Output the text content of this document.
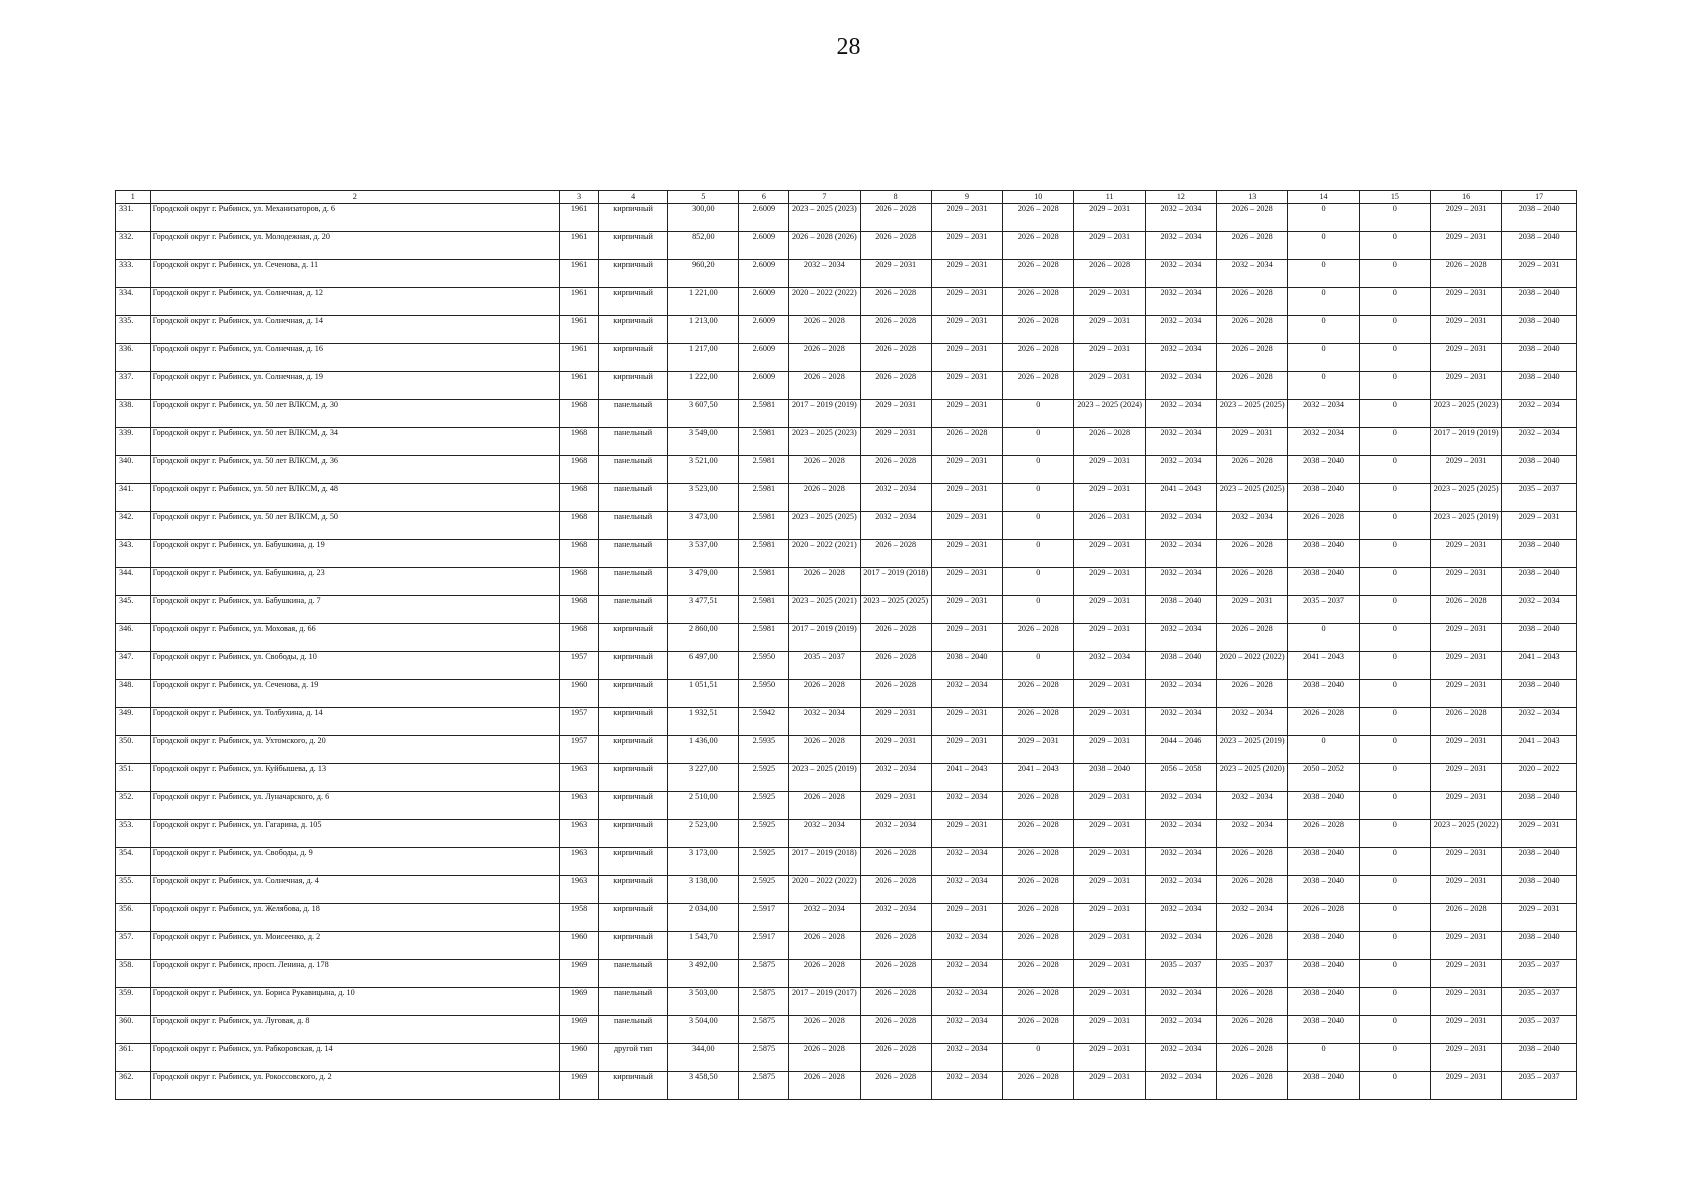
28
1	2	3	4	5	6	7	8	9	10	11	12	13	14	15	16	17
331.	Городской округ г. Рыбинск, ул. Механизаторов, д. 6	1961	кирпичный	300,00	2.6009	2023 – 2025 (2023)	2026 – 2028	2029 – 2031	2026 – 2028	2029 – 2031	2032 – 2034	2026 – 2028	0	0	2029 – 2031	2038 – 2040
332.	Городской округ г. Рыбинск, ул. Молодежная, д. 20	1961	кирпичный	852,00	2.6009	2026 – 2028 (2026)	2026 – 2028	2029 – 2031	2026 – 2028	2029 – 2031	2032 – 2034	2026 – 2028	0	0	2029 – 2031	2038 – 2040
333.	Городской округ г. Рыбинск, ул. Сеченова, д. 11	1961	кирпичный	960,20	2.6009	2032 – 2034	2029 – 2031	2029 – 2031	2026 – 2028	2026 – 2028	2032 – 2034	2032 – 2034	0	0	2026 – 2028	2029 – 2031
334.	Городской округ г. Рыбинск, ул. Солнечная, д. 12	1961	кирпичный	1 221,00	2.6009	2020 – 2022 (2022)	2026 – 2028	2029 – 2031	2026 – 2028	2029 – 2031	2032 – 2034	2026 – 2028	0	0	2029 – 2031	2038 – 2040
335.	Городской округ г. Рыбинск, ул. Солнечная, д. 14	1961	кирпичный	1 213,00	2.6009	2026 – 2028	2026 – 2028	2029 – 2031	2026 – 2028	2029 – 2031	2032 – 2034	2026 – 2028	0	0	2029 – 2031	2038 – 2040
336.	Городской округ г. Рыбинск, ул. Солнечная, д. 16	1961	кирпичный	1 217,00	2.6009	2026 – 2028	2026 – 2028	2029 – 2031	2026 – 2028	2029 – 2031	2032 – 2034	2026 – 2028	0	0	2029 – 2031	2038 – 2040
337.	Городской округ г. Рыбинск, ул. Солнечная, д. 19	1961	кирпичный	1 222,00	2.6009	2026 – 2028	2026 – 2028	2029 – 2031	2026 – 2028	2029 – 2031	2032 – 2034	2026 – 2028	0	0	2029 – 2031	2038 – 2040
338.	Городской округ г. Рыбинск, ул. 50 лет ВЛКСМ, д. 30	1968	панельный	3 607,50	2.5981	2017 – 2019 (2019)	2029 – 2031	2029 – 2031	0	2023 – 2025 (2024)	2032 – 2034	2023 – 2025 (2025)	2032 – 2034	0	2023 – 2025 (2023)	2032 – 2034
339.	Городской округ г. Рыбинск, ул. 50 лет ВЛКСМ, д. 34	1968	панельный	3 549,00	2.5981	2023 – 2025 (2023)	2029 – 2031	2026 – 2028	0	2026 – 2028	2032 – 2034	2029 – 2031	2032 – 2034	0	2017 – 2019 (2019)	2032 – 2034
340.	Городской округ г. Рыбинск, ул. 50 лет ВЛКСМ, д. 36	1968	панельный	3 521,00	2.5981	2026 – 2028	2026 – 2028	2029 – 2031	0	2029 – 2031	2032 – 2034	2026 – 2028	2038 – 2040	0	2029 – 2031	2038 – 2040
341.	Городской округ г. Рыбинск, ул. 50 лет ВЛКСМ, д. 48	1968	панельный	3 523,00	2.5981	2026 – 2028	2032 – 2034	2029 – 2031	0	2029 – 2031	2041 – 2043	2023 – 2025 (2025)	2038 – 2040	0	2023 – 2025 (2025)	2035 – 2037
342.	Городской округ г. Рыбинск, ул. 50 лет ВЛКСМ, д. 50	1968	панельный	3 473,00	2.5981	2023 – 2025 (2025)	2032 – 2034	2029 – 2031	0	2026 – 2031	2032 – 2034	2032 – 2034	2026 – 2028	0	2023 – 2025 (2019)	2029 – 2031
343.	Городской округ г. Рыбинск, ул. Бабушкина, д. 19	1968	панельный	3 537,00	2.5981	2020 – 2022 (2021)	2026 – 2028	2029 – 2031	0	2029 – 2031	2032 – 2034	2026 – 2028	2038 – 2040	0	2029 – 2031	2038 – 2040
344.	Городской округ г. Рыбинск, ул. Бабушкина, д. 23	1968	панельный	3 479,00	2.5981	2026 – 2028	2017 – 2019 (2018)	2029 – 2031	0	2029 – 2031	2032 – 2034	2026 – 2028	2038 – 2040	0	2029 – 2031	2038 – 2040
345.	Городской округ г. Рыбинск, ул. Бабушкина, д. 7	1968	панельный	3 477,51	2.5981	2023 – 2025 (2021)	2023 – 2025 (2025)	2029 – 2031	0	2029 – 2031	2038 – 2040	2029 – 2031	2035 – 2037	0	2026 – 2028	2032 – 2034
346.	Городской округ г. Рыбинск, ул. Моховая, д. 66	1968	кирпичный	2 860,00	2.5981	2017 – 2019 (2019)	2026 – 2028	2029 – 2031	2026 – 2028	2029 – 2031	2032 – 2034	2026 – 2028	0	0	2029 – 2031	2038 – 2040
347.	Городской округ г. Рыбинск, ул. Свободы, д. 10	1957	кирпичный	6 497,00	2.5950	2035 – 2037	2026 – 2028	2038 – 2040	0	2032 – 2034	2038 – 2040	2020 – 2022 (2022)	2041 – 2043	0	2029 – 2031	2041 – 2043
348.	Городской округ г. Рыбинск, ул. Сеченова, д. 19	1960	кирпичный	1 051,51	2.5950	2026 – 2028	2026 – 2028	2032 – 2034	2026 – 2028	2029 – 2031	2032 – 2034	2026 – 2028	2038 – 2040	0	2029 – 2031	2038 – 2040
349.	Городской округ г. Рыбинск, ул. Толбухина, д. 14	1957	кирпичный	1 932,51	2.5942	2032 – 2034	2029 – 2031	2029 – 2031	2026 – 2028	2029 – 2031	2032 – 2034	2032 – 2034	2026 – 2028	0	2026 – 2028	2032 – 2034
350.	Городской округ г. Рыбинск, ул. Ухтомского, д. 20	1957	кирпичный	1 436,00	2.5935	2026 – 2028	2029 – 2031	2029 – 2031	2029 – 2031	2029 – 2031	2044 – 2046	2023 – 2025 (2019)	0	0	2029 – 2031	2041 – 2043
351.	Городской округ г. Рыбинск, ул. Куйбышева, д. 13	1963	кирпичный	3 227,00	2.5925	2023 – 2025 (2019)	2032 – 2034	2041 – 2043	2041 – 2043	2038 – 2040	2056 – 2058	2023 – 2025 (2020)	2050 – 2052	0	2029 – 2031	2020 – 2022
352.	Городской округ г. Рыбинск, ул. Луначарского, д. 6	1963	кирпичный	2 510,00	2.5925	2026 – 2028	2029 – 2031	2032 – 2034	2026 – 2028	2029 – 2031	2032 – 2034	2032 – 2034	2038 – 2040	0	2029 – 2031	2038 – 2040
353.	Городской округ г. Рыбинск, ул. Гагарина, д. 105	1963	кирпичный	2 523,00	2.5925	2032 – 2034	2032 – 2034	2029 – 2031	2026 – 2028	2029 – 2031	2032 – 2034	2032 – 2034	2026 – 2028	0	2023 – 2025 (2022)	2029 – 2031
354.	Городской округ г. Рыбинск, ул. Свободы, д. 9	1963	кирпичный	3 173,00	2.5925	2017 – 2019 (2018)	2026 – 2028	2032 – 2034	2026 – 2028	2029 – 2031	2032 – 2034	2026 – 2028	2038 – 2040	0	2029 – 2031	2038 – 2040
355.	Городской округ г. Рыбинск, ул. Солнечная, д. 4	1963	кирпичный	3 138,00	2.5925	2020 – 2022 (2022)	2026 – 2028	2032 – 2034	2026 – 2028	2029 – 2031	2032 – 2034	2026 – 2028	2038 – 2040	0	2029 – 2031	2038 – 2040
356.	Городской округ г. Рыбинск, ул. Желябова, д. 18	1958	кирпичный	2 034,00	2.5917	2032 – 2034	2032 – 2034	2029 – 2031	2026 – 2028	2029 – 2031	2032 – 2034	2032 – 2034	2026 – 2028	0	2026 – 2028	2029 – 2031
357.	Городской округ г. Рыбинск, ул. Моисеенко, д. 2	1960	кирпичный	1 543,70	2.5917	2026 – 2028	2026 – 2028	2032 – 2034	2026 – 2028	2029 – 2031	2032 – 2034	2026 – 2028	2038 – 2040	0	2029 – 2031	2038 – 2040
358.	Городской округ г. Рыбинск, просп. Ленина, д. 178	1969	панельный	3 492,00	2.5875	2026 – 2028	2026 – 2028	2032 – 2034	2026 – 2028	2029 – 2031	2035 – 2037	2035 – 2037	2038 – 2040	0	2029 – 2031	2035 – 2037
359.	Городской округ г. Рыбинск, ул. Бориса Рукавицына, д. 10	1969	панельный	3 503,00	2.5875	2017 – 2019 (2017)	2026 – 2028	2032 – 2034	2026 – 2028	2029 – 2031	2032 – 2034	2026 – 2028	2038 – 2040	0	2029 – 2031	2035 – 2037
360.	Городской округ г. Рыбинск, ул. Луговая, д. 8	1969	панельный	3 504,00	2.5875	2026 – 2028	2026 – 2028	2032 – 2034	2026 – 2028	2029 – 2031	2032 – 2034	2026 – 2028	2038 – 2040	0	2029 – 2031	2035 – 2037
361.	Городской округ г. Рыбинск, ул. Рабкоровская, д. 14	1960	другой тип	344,00	2.5875	2026 – 2028	2026 – 2028	2032 – 2034	0	2029 – 2031	2032 – 2034	2026 – 2028	0	0	2029 – 2031	2038 – 2040
362.	Городской округ г. Рыбинск, ул. Рокоссовского, д. 2	1969	кирпичный	3 458,50	2.5875	2026 – 2028	2026 – 2028	2032 – 2034	2026 – 2028	2029 – 2031	2032 – 2034	2026 – 2028	2038 – 2040	0	2029 – 2031	2035 – 2037
